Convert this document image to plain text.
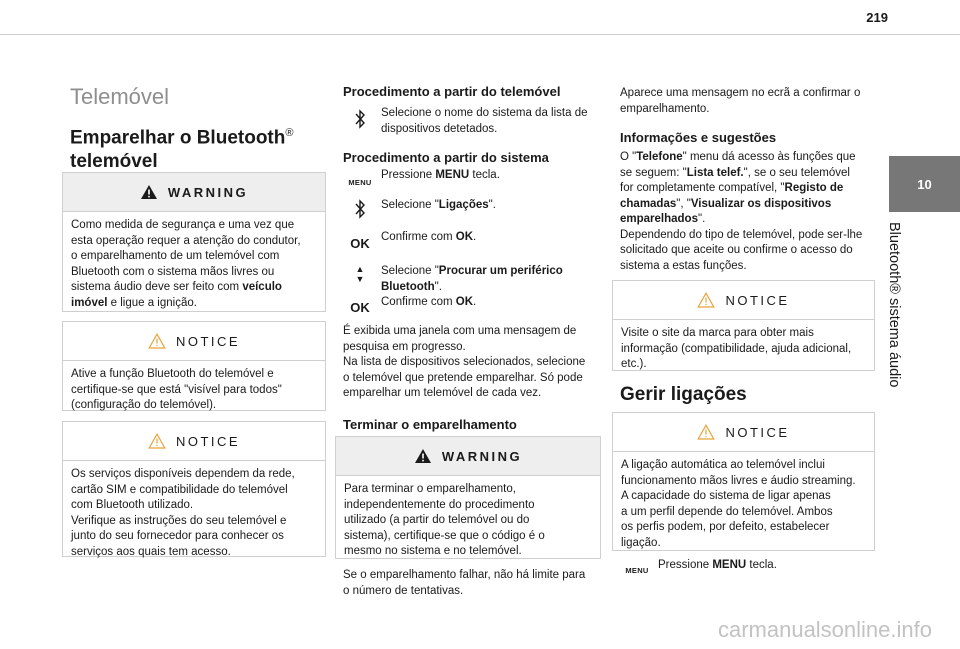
219
10
Bluetooth® sistema áudio
Telemóvel
Emparelhar o Bluetooth®
telemóvel
WARNING
Como medida de segurança e uma vez que
esta operação requer a atenção do condutor,
o emparelhamento de um telemóvel com
Bluetooth com o sistema mãos livres ou
sistema áudio deve ser feito com veículo
imóvel e ligue a ignição.
NOTICE
Ative a função Bluetooth do telemóvel e
certifique-se que está "visível para todos"
(configuração do telemóvel).
NOTICE
Os serviços disponíveis dependem da rede,
cartão SIM e compatibilidade do telemóvel
com Bluetooth utilizado.
Verifique as instruções do seu telemóvel e
junto do seu fornecedor para conhecer os
serviços aos quais tem acesso.
Procedimento a partir do telemóvel
Selecione o nome do sistema da lista de
dispositivos detetados.
Procedimento a partir do sistema
MENU
Pressione MENU tecla.
Selecione "Ligações".
OK Confirme com OK.
▲
▼
OK
Selecione "Procurar um periférico
Bluetooth".
Confirme com OK.
É exibida uma janela com uma mensagem de
pesquisa em progresso.
Na lista de dispositivos selecionados, selecione
o telemóvel que pretende emparelhar. Só pode
emparelhar um telemóvel de cada vez.
Terminar o emparelhamento
WARNING
Para terminar o emparelhamento,
independentemente do procedimento
utilizado (a partir do telemóvel ou do
sistema), certifique-se que o código é o
mesmo no sistema e no telemóvel.
Se o emparelhamento falhar, não há limite para
o número de tentativas.
Aparece uma mensagem no ecrã a confirmar o
emparelhamento.
Informações e sugestões
O "Telefone" menu dá acesso às funções que
se seguem: "Lista telef.", se o seu telemóvel
for completamente compatível, "Registo de
chamadas", "Visualizar os dispositivos
emparelhados".
Dependendo do tipo de telemóvel, pode ser-lhe
solicitado que aceite ou confirme o acesso do
sistema a estas funções.
NOTICE
Visite o site da marca para obter mais
informação (compatibilidade, ajuda adicional,
etc.).
Gerir ligações
NOTICE
A ligação automática ao telemóvel inclui
funcionamento mãos livres e áudio streaming.
A capacidade do sistema de ligar apenas
a um perfil depende do telemóvel. Ambos
os perfis podem, por defeito, estabelecer
ligação.
MENU Pressione MENU tecla.
carmanualsonline.info
